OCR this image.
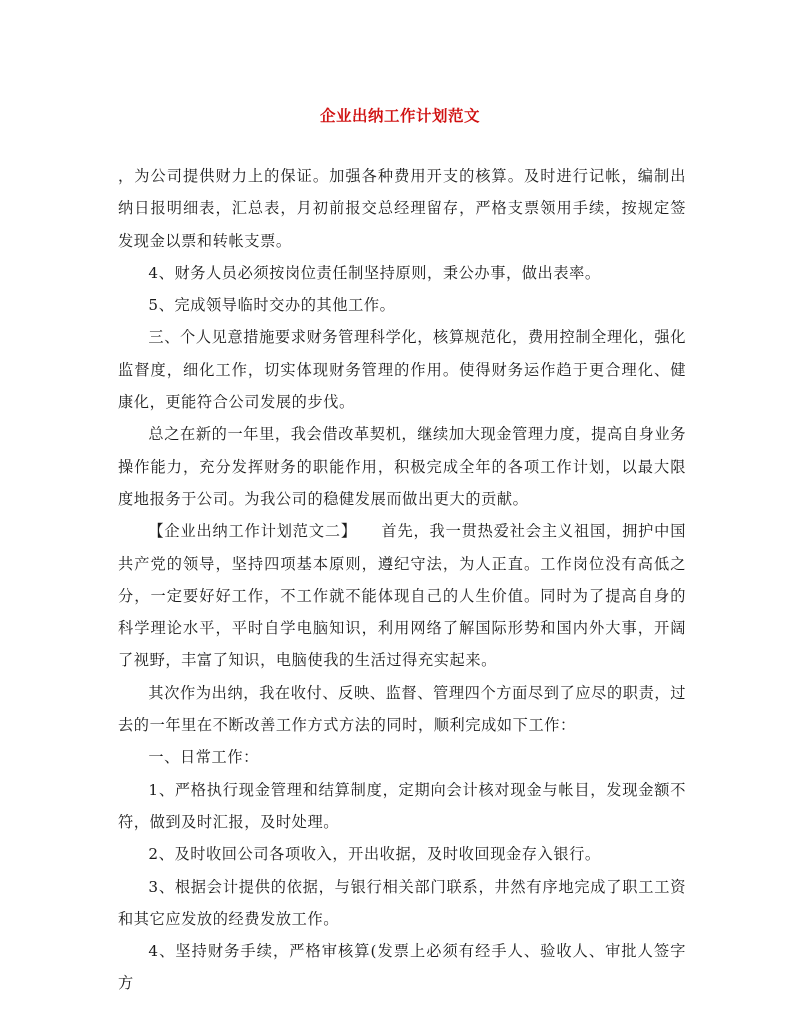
企业出纳工作计划范文

，为公司提供财力上的保证。加强各种费用开支的核算。及时进行记帐，编制出纳日报明细表，汇总表，月初前报交总经理留存，严格支票领用手续，按规定签发现金以票和转帐支票。

4、财务人员必须按岗位责任制坚持原则，秉公办事，做出表率。

5、完成领导临时交办的其他工作。

三、个人见意措施要求财务管理科学化，核算规范化，费用控制全理化，强化监督度，细化工作，切实体现财务管理的作用。使得财务运作趋于更合理化、健康化，更能符合公司发展的步伐。

总之在新的一年里，我会借改革契机，继续加大现金管理力度，提高自身业务操作能力，充分发挥财务的职能作用，积极完成全年的各项工作计划，以最大限度地报务于公司。为我公司的稳健发展而做出更大的贡献。

【企业出纳工作计划范文二】　　首先，我一贯热爱社会主义祖国，拥护中国共产党的领导，坚持四项基本原则，遵纪守法，为人正直。工作岗位没有高低之分，一定要好好工作，不工作就不能体现自己的人生价值。同时为了提高自身的科学理论水平，平时自学电脑知识，利用网络了解国际形势和国内外大事，开阔了视野，丰富了知识，电脑使我的生活过得充实起来。

其次作为出纳，我在收付、反映、监督、管理四个方面尽到了应尽的职责，过去的一年里在不断改善工作方式方法的同时，顺利完成如下工作：

一、日常工作：

1、严格执行现金管理和结算制度，定期向会计核对现金与帐目，发现金额不符，做到及时汇报，及时处理。

2、及时收回公司各项收入，开出收据，及时收回现金存入银行。

3、根据会计提供的依据，与银行相关部门联系，井然有序地完成了职工工资和其它应发放的经费发放工作。

4、坚持财务手续，严格审核算(发票上必须有经手人、验收人、审批人签字方
